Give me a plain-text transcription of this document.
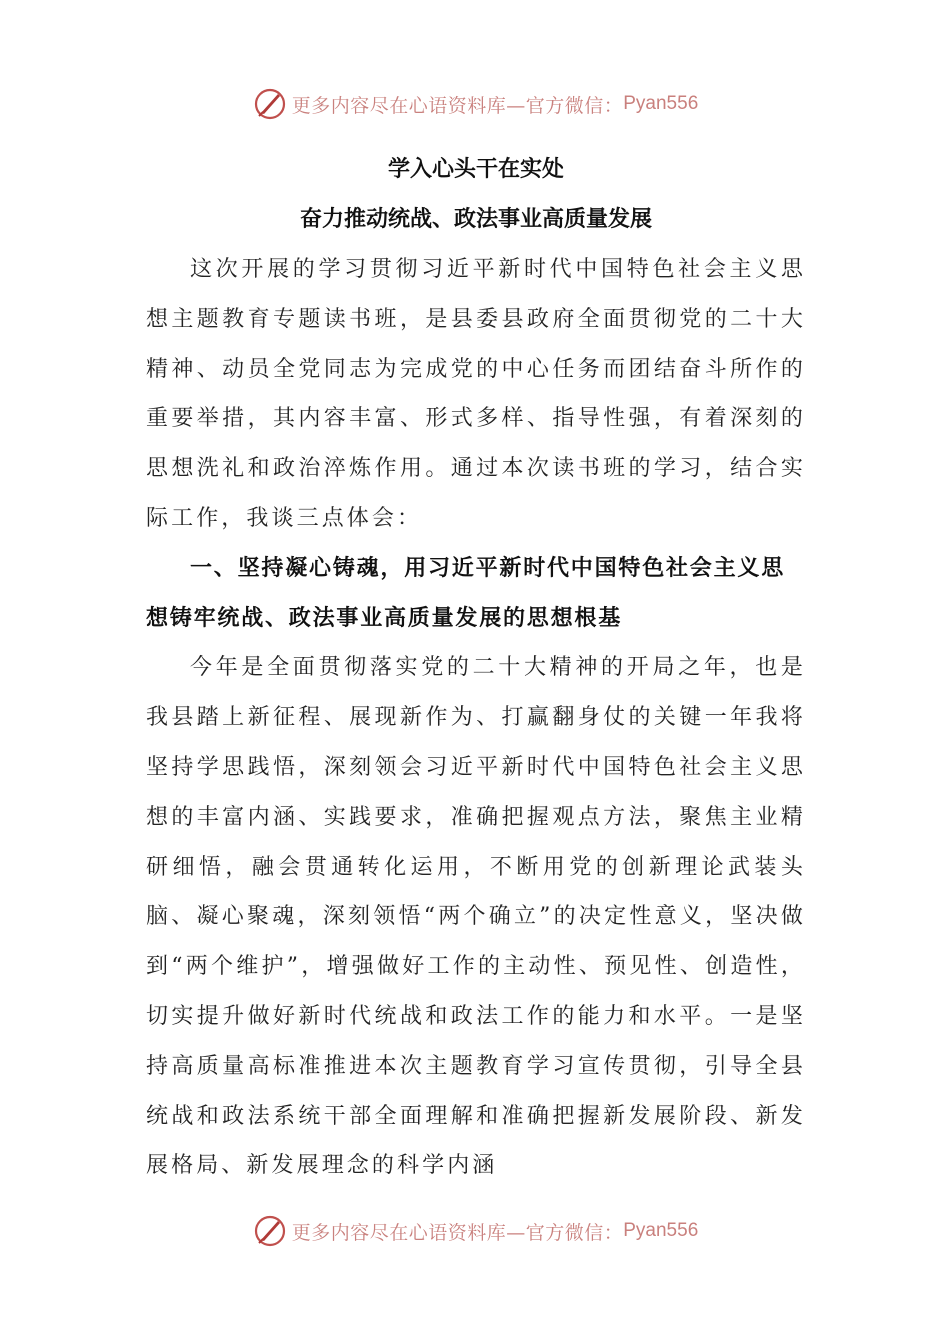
更多内容尽在心语资料库—官方微信： Pyan556

学入心头干在实处

奋力推动统战、政法事业高质量发展

这次开展的学习贯彻习近平新时代中国特色社会主义思想主题教育专题读书班，是县委县政府全面贯彻党的二十大精神、动员全党同志为完成党的中心任务而团结奋斗所作的重要举措，其内容丰富、形式多样、指导性强，有着深刻的思想洗礼和政治淬炼作用。通过本次读书班的学习，结合实际工作，我谈三点体会：

一、坚持凝心铸魂，用习近平新时代中国特色社会主义思想铸牢统战、政法事业高质量发展的思想根基

今年是全面贯彻落实党的二十大精神的开局之年，也是我县踏上新征程、展现新作为、打赢翻身仗的关键一年我将坚持学思践悟，深刻领会习近平新时代中国特色社会主义思想的丰富内涵、实践要求，准确把握观点方法，聚焦主业精研细悟，融会贯通转化运用，不断用党的创新理论武装头脑、凝心聚魂，深刻领悟“两个确立”的决定性意义，坚决做到“两个维护”，增强做好工作的主动性、预见性、创造性，切实提升做好新时代统战和政法工作的能力和水平。一是坚持高质量高标准推进本次主题教育学习宣传贯彻，引导全县统战和政法系统干部全面理解和准确把握新发展阶段、新发展格局、新发展理念的科学内涵

更多内容尽在心语资料库—官方微信： Pyan556
